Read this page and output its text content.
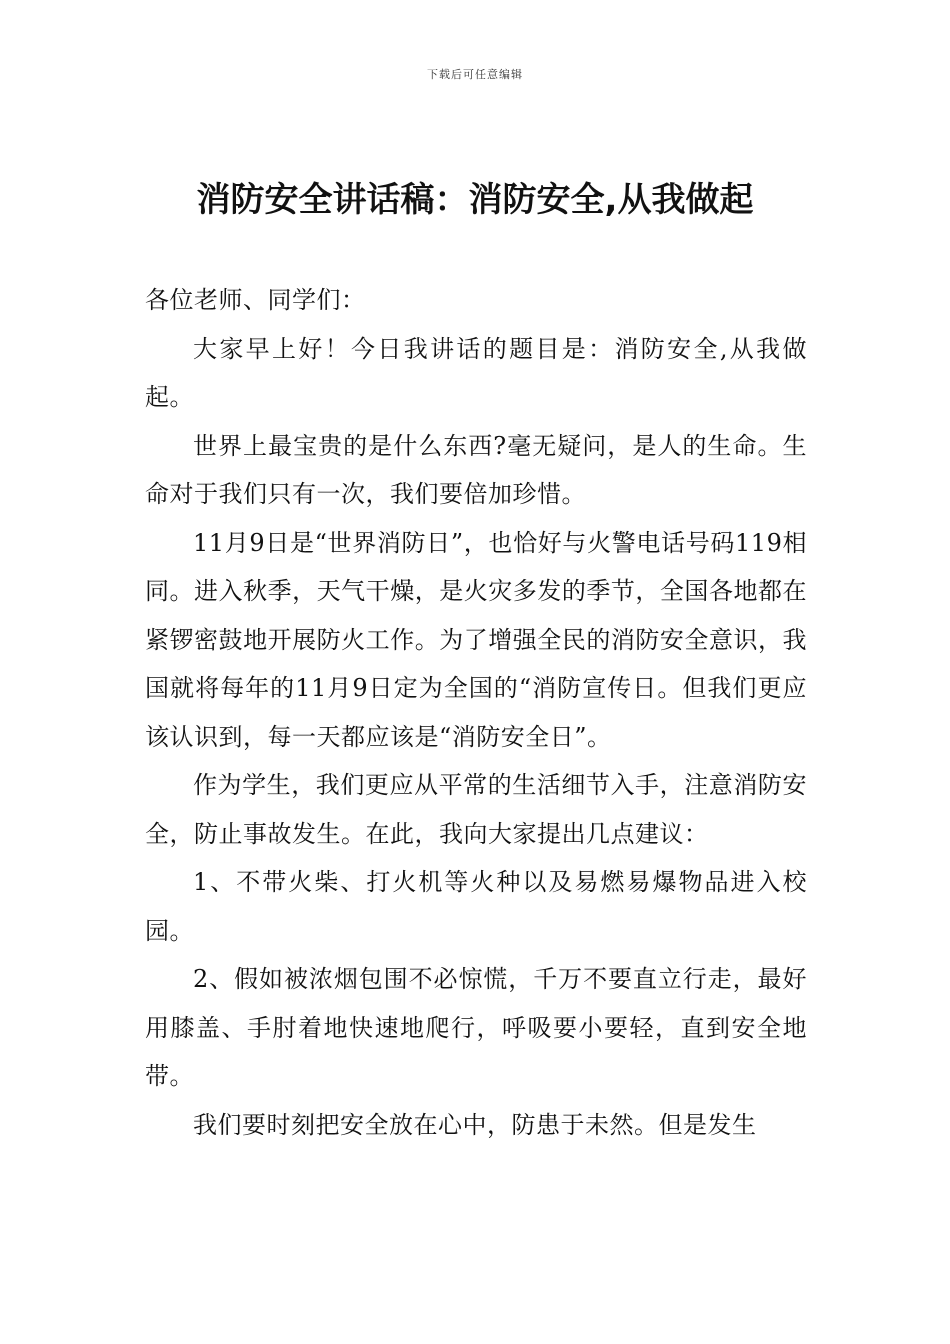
下载后可任意编辑
消防安全讲话稿：消防安全,从我做起

各位老师、同学们：

大家早上好！今日我讲话的题目是：消防安全,从我做起。

世界上最宝贵的是什么东西?毫无疑问，是人的生命。生命对于我们只有一次，我们要倍加珍惜。

11月9日是“世界消防日”，也恰好与火警电话号码119相同。进入秋季，天气干燥，是火灾多发的季节，全国各地都在紧锣密鼓地开展防火工作。为了增强全民的消防安全意识，我国就将每年的11月9日定为全国的“消防宣传日。但我们更应该认识到，每一天都应该是“消防安全日”。

作为学生，我们更应从平常的生活细节入手，注意消防安全，防止事故发生。在此，我向大家提出几点建议：

1、不带火柴、打火机等火种以及易燃易爆物品进入校园。

2、假如被浓烟包围不必惊慌，千万不要直立行走，最好用膝盖、手肘着地快速地爬行，呼吸要小要轻，直到安全地带。

我们要时刻把安全放在心中，防患于未然。但是发生
